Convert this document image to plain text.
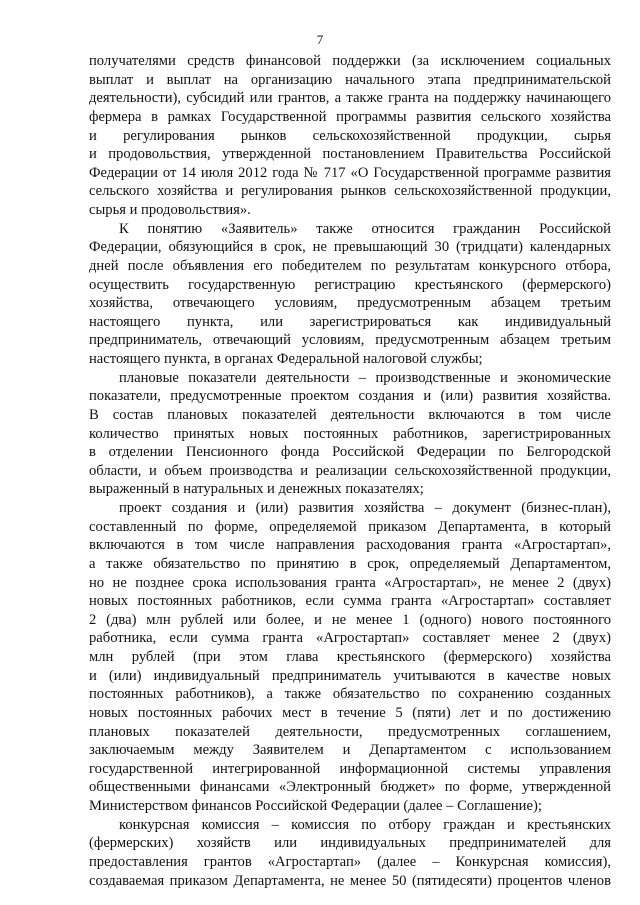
7
получателями средств финансовой поддержки (за исключением социальных
выплат и выплат на организацию начального этапа предпринимательской
деятельности), субсидий или грантов, а также гранта на поддержку начинающего
фермера в рамках Государственной программы развития сельского хозяйства
и регулирования рынков сельскохозяйственной продукции, сырья
и продовольствия, утвержденной постановлением Правительства Российской
Федерации от 14 июля 2012 года № 717 «О Государственной программе развития
сельского хозяйства и регулирования рынков сельскохозяйственной продукции,
сырья и продовольствия».
К понятию «Заявитель» также относится гражданин Российской
Федерации, обязующийся в срок, не превышающий 30 (тридцати) календарных
дней после объявления его победителем по результатам конкурсного отбора,
осуществить государственную регистрацию крестьянского (фермерского)
хозяйства, отвечающего условиям, предусмотренным абзацем третьим
настоящего пункта, или зарегистрироваться как индивидуальный
предприниматель, отвечающий условиям, предусмотренным абзацем третьим
настоящего пункта, в органах Федеральной налоговой службы;
плановые показатели деятельности – производственные и экономические
показатели, предусмотренные проектом создания и (или) развития хозяйства.
В состав плановых показателей деятельности включаются в том числе
количество принятых новых постоянных работников, зарегистрированных
в отделении Пенсионного фонда Российской Федерации по Белгородской
области, и объем производства и реализации сельскохозяйственной продукции,
выраженный в натуральных и денежных показателях;
проект создания и (или) развития хозяйства – документ (бизнес-план),
составленный по форме, определяемой приказом Департамента, в который
включаются в том числе направления расходования гранта «Агростартап»,
а также обязательство по принятию в срок, определяемый Департаментом,
но не позднее срока использования гранта «Агростартап», не менее 2 (двух)
новых постоянных работников, если сумма гранта «Агростартап» составляет
2 (два) млн рублей или более, и не менее 1 (одного) нового постоянного
работника, если сумма гранта «Агростартап» составляет менее 2 (двух)
млн рублей (при этом глава крестьянского (фермерского) хозяйства
и (или) индивидуальный предприниматель учитываются в качестве новых
постоянных работников), а также обязательство по сохранению созданных
новых постоянных рабочих мест в течение 5 (пяти) лет и по достижению
плановых показателей деятельности, предусмотренных соглашением,
заключаемым между Заявителем и Департаментом с использованием
государственной интегрированной информационной системы управления
общественными финансами «Электронный бюджет» по форме, утвержденной
Министерством финансов Российской Федерации (далее – Соглашение);
конкурсная комиссия – комиссия по отбору граждан и крестьянских
(фермерских) хозяйств или индивидуальных предпринимателей для
предоставления грантов «Агростартап» (далее – Конкурсная комиссия),
создаваемая приказом Департамента, не менее 50 (пятидесяти) процентов членов
